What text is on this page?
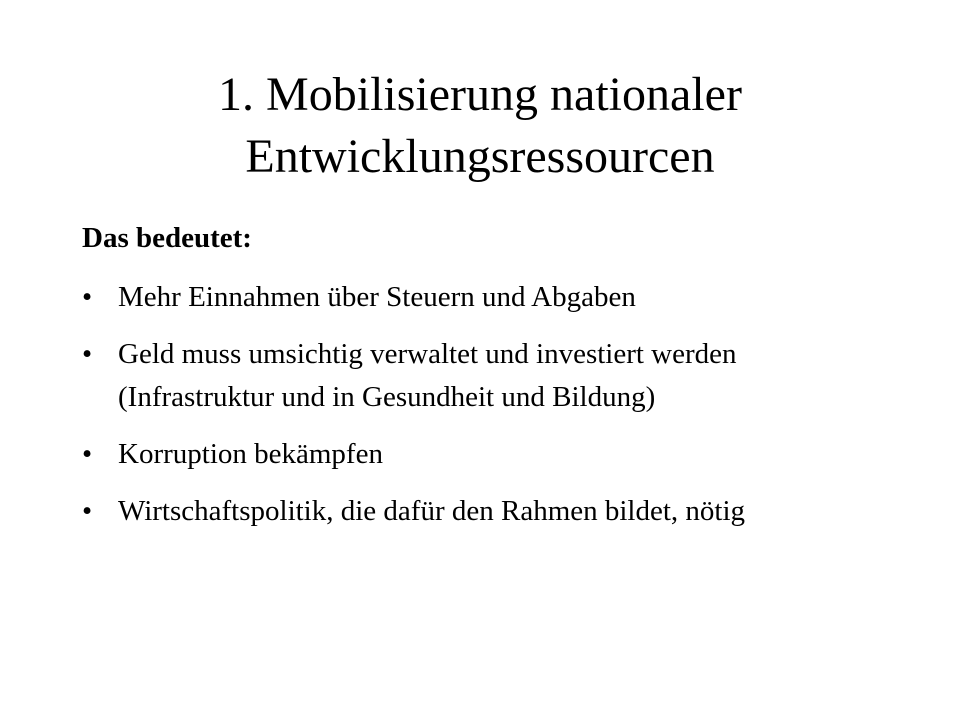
1. Mobilisierung nationaler
Entwicklungsressourcen

Das bedeutet:

• Mehr Einnahmen über Steuern und Abgaben
• Geld muss umsichtig verwaltet und investiert werden (Infrastruktur und in Gesundheit und Bildung)
• Korruption bekämpfen
• Wirtschaftspolitik, die dafür den Rahmen bildet, nötig
